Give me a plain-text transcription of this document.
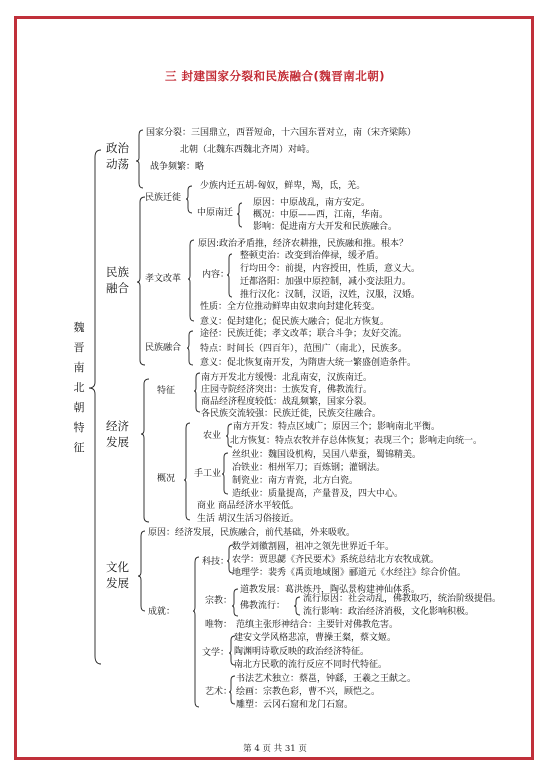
三 封建国家分裂和民族融合(魏晋南北朝)
魏 晋 南 北 朝 特 征
政治动荡
国家分裂：三国鼎立，西晋短命，十六国东晋对立，南（宋齐梁陈）
北朝（北魏东西魏北齐周）对峙。
战争频繁：略
民族融合
民族迁徙
少族内迁五胡-匈奴，鲜卑，羯，氐，羌。
中原南迁
原因：中原战乱，南方安定。
概况：中原——西，江南，华南。
影响：促进南方大开发和民族融合。
孝文改革
原因:政治矛盾推，经济农耕推，民族融和推。根本？
内容：
整顿吏治：改变到治俸禄，缓矛盾。
行均田令：前提，内容授田，性质，意义大。
迁都洛阳：加强中原控制，减小变法阻力。
推行汉化：汉制，汉语，汉姓，汉服，汉婚。
性质：全方位推动鲜卑由奴隶向封建化转变。
意义：促封建化；促民族大融合；促北方恢复。
民族融合
途径：民族迁徙；孝文改革；联合斗争；友好交流。
特点：时间长（四百年），范围广（南北），民族多。
意义：促北恢复南开发，为隋唐大统一繁盛创造条件。
经济发展
特征
南方开发北方缓慢：北乱南安，汉族南迁。
庄园寺院经济突出：士族发育，佛教流行。
商品经济程度较低：战乱频繁，国家分裂。
各民族交流较强：民族迁徙，民族交往融合。
概况
农业
南方开发：特点区域广；原因三个；影响南北平衡。
北方恢复：特点农牧并存总体恢复；表现三个；影响走向统一。
手工业
丝织业：魏国设机构，吴国八辈蚕，蜀锦精美。
冶铁业：相州军刀；百炼钢；灌钢法。
制瓷业：南方青瓷，北方白瓷。
造纸业：质量提高，产量普及，四大中心。
商业 商品经济水平较低。
生活 胡汉生活习俗接近。
文化发展
原因：经济发展，民族融合，前代基础，外来吸收。
成就：
科技：
数学刘徽割圆，祖冲之领先世界近千年。
农学：贾思勰《齐民要术》系统总结北方农牧成就。
地理学：裴秀《禹贡地域图》郦道元《水经注》综合价值。
宗教：
道教发展：葛洪炼丹，陶弘景构建神仙体系。
佛教流行：
流行原因：社会动乱，佛教取巧，统治阶级提倡。
流行影响：政治经济消极，文化影响积极。
唯物： 范缜主张形神结合：主要针对佛教危害。
文学：
建安文学风格悲凉，曹操王粲，蔡文姬。
陶渊明诗歌反映的政治经济特征。
南北方民歌的流行反应不同时代特征。
艺术：
书法艺术独立：蔡邕，钟繇，王羲之王献之。
绘画：宗教色彩，曹不兴，顾恺之。
雕塑：云冈石窟和龙门石窟。
第 4 页 共 31 页
